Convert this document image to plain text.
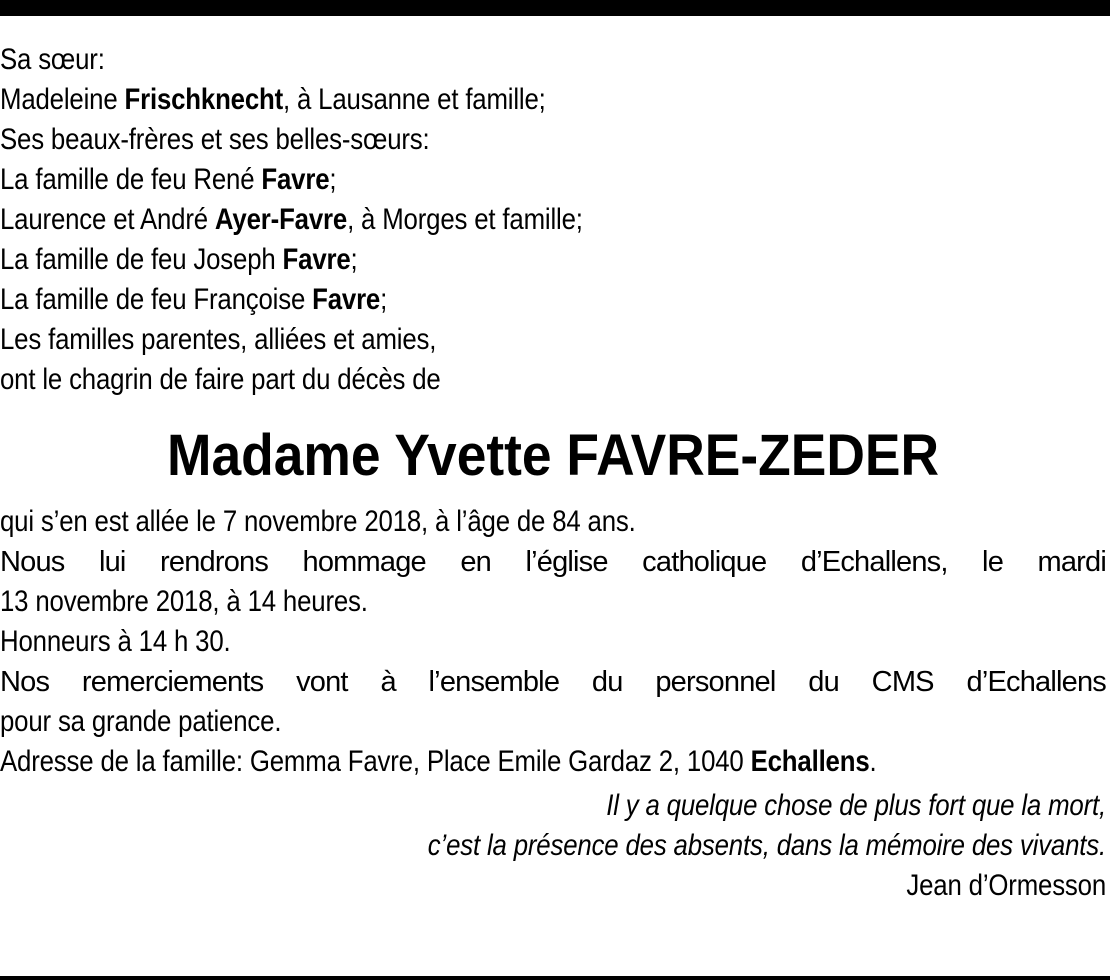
Sa sœur:
Madeleine Frischknecht, à Lausanne et famille;
Ses beaux-frères et ses belles-sœurs:
La famille de feu René Favre;
Laurence et André Ayer-Favre, à Morges et famille;
La famille de feu Joseph Favre;
La famille de feu Françoise Favre;
Les familles parentes, alliées et amies,
ont le chagrin de faire part du décès de
Madame Yvette FAVRE-ZEDER
qui s’en est allée le 7 novembre 2018, à l’âge de 84 ans.
Nous lui rendrons hommage en l’église catholique d’Echallens, le mardi
13 novembre 2018, à 14 heures.
Honneurs à 14 h 30.
Nos remerciements vont à l’ensemble du personnel du CMS d’Echallens
pour sa grande patience.
Adresse de la famille: Gemma Favre, Place Emile Gardaz 2, 1040 Echallens.
Il y a quelque chose de plus fort que la mort,
c’est la présence des absents, dans la mémoire des vivants.
Jean d’Ormesson
